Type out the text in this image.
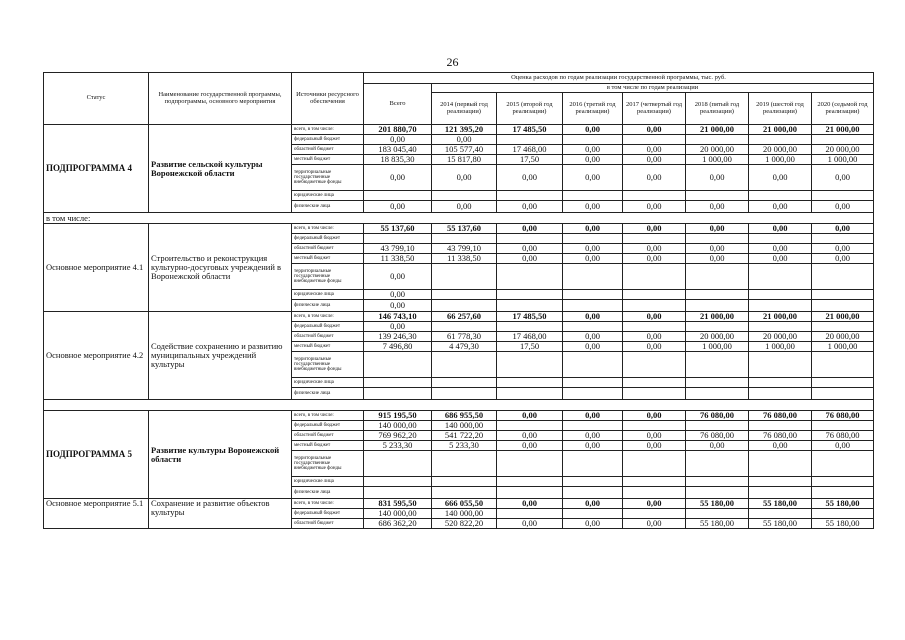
26
Статус	Наименование государственной программы, подпрограммы, основного мероприятия	Источники ресурсного обеспечения	Оценка расходов по годам реализации государственной программы, тыс. руб.							
			Всего	в том числе по годам реализации						
				2014 (первый год реализации)	2015 (второй год реализации)	2016 (третий год реализации)	2017 (четвертый год реализации)	2018 (пятый год реализации)	2019 (шестой год реализации)	2020 (седьмой год реализации)
ПОДПРОГРАММА 4	Развитие сельской культуры Воронежской области	всего, в том числе:	201 880,70	121 395,20	17 485,50	0,00	0,00	21 000,00	21 000,00	21 000,00
		федеральный бюджет	0,00	0,00						
		областной бюджет	183 045,40	105 577,40	17 468,00	0,00	0,00	20 000,00	20 000,00	20 000,00
		местный бюджет	18 835,30	15 817,80	17,50	0,00	0,00	1 000,00	1 000,00	1 000,00
		территориальные государственные внебюджетные фонды	0,00	0,00	0,00	0,00	0,00	0,00	0,00	0,00
		юридические лица								
		физические лица	0,00	0,00	0,00	0,00	0,00	0,00	0,00	0,00
в том числе:										
Основное мероприятие 4.1	Строительство и реконструкция культурно-досуговых учреждений в Воронежской области	всего, в том числе:	55 137,60	55 137,60	0,00	0,00	0,00	0,00	0,00	0,00
		федеральный бюджет								
		областной бюджет	43 799,10	43 799,10	0,00	0,00	0,00	0,00	0,00	0,00
		местный бюджет	11 338,50	11 338,50	0,00	0,00	0,00	0,00	0,00	0,00
		территориальные государственные внебюджетные фонды	0,00							
		юридические лица	0,00							
		физические лица	0,00							
Основное мероприятие 4.2	Содействие сохранению и развитию муниципальных учреждений культуры	всего, в том числе:	146 743,10	66 257,60	17 485,50	0,00	0,00	21 000,00	21 000,00	21 000,00
		федеральный бюджет	0,00							
		областной бюджет	139 246,30	61 778,30	17 468,00	0,00	0,00	20 000,00	20 000,00	20 000,00
		местный бюджет	7 496,80	4 479,30	17,50	0,00	0,00	1 000,00	1 000,00	1 000,00
		территориальные государственные внебюджетные фонды								
		юридические лица								
		физические лица								

ПОДПРОГРАММА 5	Развитие культуры Воронежской области	всего, в том числе:	915 195,50	686 955,50	0,00	0,00	0,00	76 080,00	76 080,00	76 080,00
		федеральный бюджет	140 000,00	140 000,00						
		областной бюджет	769 962,20	541 722,20	0,00	0,00	0,00	76 080,00	76 080,00	76 080,00
		местный бюджет	5 233,30	5 233,30	0,00	0,00	0,00	0,00	0,00	0,00
		территориальные государственные внебюджетные фонды								
		юридические лица								
		физические лица								
Основное мероприятие 5.1	Сохранение и развитие объектов культуры	всего, в том числе:	831 595,50	666 055,50	0,00	0,00	0,00	55 180,00	55 180,00	55 180,00
		федеральный бюджет	140 000,00	140 000,00						
		областной бюджет	686 362,20	520 822,20	0,00	0,00	0,00	55 180,00	55 180,00	55 180,00
